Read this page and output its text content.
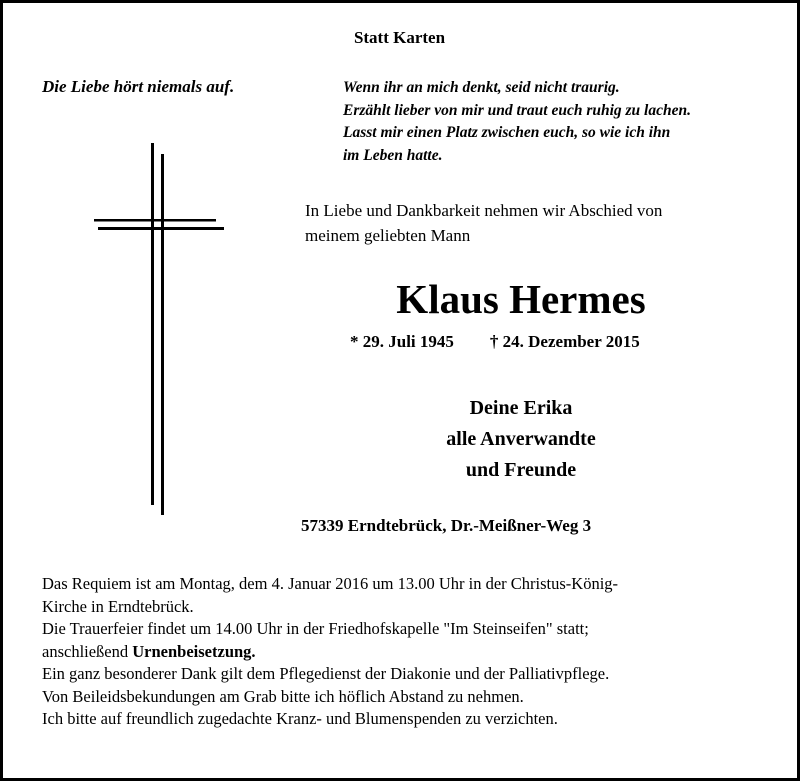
Statt Karten
Die Liebe hört niemals auf.	Wenn ihr an mich denkt, seid nicht traurig.
Erzählt lieber von mir und traut euch ruhig zu lachen.
Lasst mir einen Platz zwischen euch, so wie ich ihn
im Leben hatte.
In Liebe und Dankbarkeit nehmen wir Abschied von
meinem geliebten Mann
Klaus Hermes
* 29. Juli 1945 † 24. Dezember 2015
Deine Erika
alle Anverwandte
und Freunde
57339 Erndtebrück, Dr.-Meißner-Weg 3
Das Requiem ist am Montag, dem 4. Januar 2016 um 13.00 Uhr in der Christus-König-
Kirche in Erndtebrück.
Die Trauerfeier findet um 14.00 Uhr in der Friedhofskapelle "Im Steinseifen" statt;
anschließend Urnenbeisetzung.
Ein ganz besonderer Dank gilt dem Pflegedienst der Diakonie und der Palliativpflege.
Von Beileidsbekundungen am Grab bitte ich höflich Abstand zu nehmen.
Ich bitte auf freundlich zugedachte Kranz- und Blumenspenden zu verzichten.
